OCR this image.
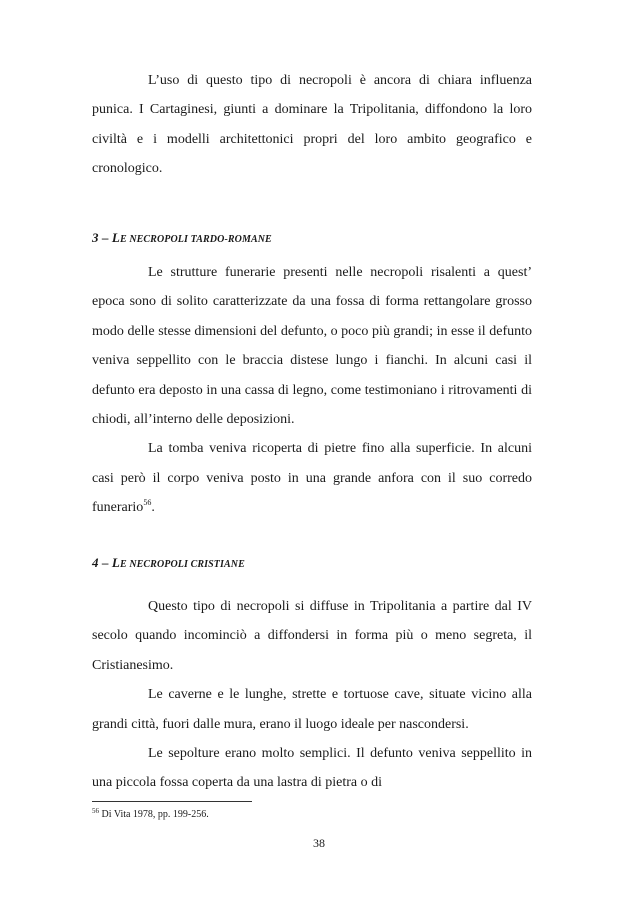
L’uso di questo tipo di necropoli è ancora di chiara influenza punica. I Cartaginesi, giunti a dominare la Tripolitania, diffondono la loro civiltà e i modelli architettonici propri del loro ambito geografico e cronologico.

3 – LE NECROPOLI TARDO-ROMANE

Le strutture funerarie presenti nelle necropoli risalenti a quest’ epoca sono di solito caratterizzate da una fossa di forma rettangolare grosso modo delle stesse dimensioni del defunto, o poco più grandi; in esse il defunto veniva seppellito con le braccia distese lungo i fianchi. In alcuni casi il defunto era deposto in una cassa di legno, come testimoniano i ritrovamenti di chiodi, all’interno delle deposizioni.

La tomba veniva ricoperta di pietre fino alla superficie. In alcuni casi però il corpo veniva posto in una grande anfora con il suo corredo funerario$^{56}$.

4 – LE NECROPOLI CRISTIANE

Questo tipo di necropoli si diffuse in Tripolitania a partire dal IV secolo quando incominciò a diffondersi in forma più o meno segreta, il Cristianesimo.

Le caverne e le lunghe, strette e tortuose cave, situate vicino alla grandi città, fuori dalle mura, erano il luogo ideale per nascondersi.

Le sepolture erano molto semplici. Il defunto veniva seppellito in una piccola fossa coperta da una lastra di pietra o di

$^{56}$ Di Vita 1978, pp. 199-256.
38
